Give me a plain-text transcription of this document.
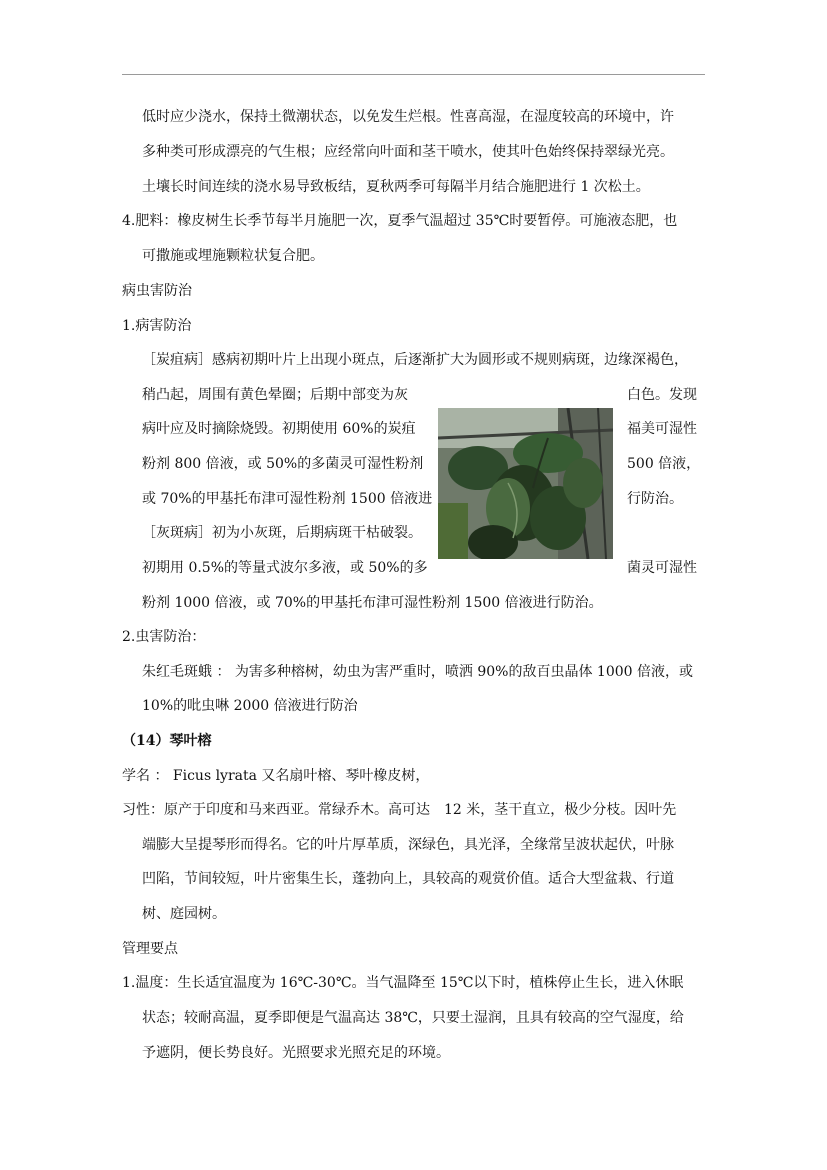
低时应少浇水，保持土微潮状态，以免发生烂根。性喜高湿，在湿度较高的环境中，许
多种类可形成漂亮的气生根；应经常向叶面和茎干喷水，使其叶色始终保持翠绿光亮。
土壤长时间连续的浇水易导致板结，夏秋两季可每隔半月结合施肥进行 1 次松土。
4.肥料：橡皮树生长季节每半月施肥一次，夏季气温超过 35℃时要暂停。可施液态肥，也
可撒施或埋施颗粒状复合肥。
病虫害防治
1.病害防治
［炭疽病］感病初期叶片上出现小斑点，后逐渐扩大为圆形或不规则病斑，边缘深褐色，
稍凸起，周围有黄色晕圈；后期中部变为灰	白色。发现
病叶应及时摘除烧毁。初期使用 60%的炭疽	福美可湿性
粉剂 800 倍液，或 50%的多菌灵可湿性粉剂	500 倍液，
或 70%的甲基托布津可湿性粉剂 1500 倍液进	行防治。
［灰斑病］初为小灰斑，后期病斑干枯破裂。
初期用 0.5%的等量式波尔多液，或 50%的多	菌灵可湿性
粉剂 1000 倍液，或 70%的甲基托布津可湿性粉剂 1500 倍液进行防治。
2.虫害防治：
朱红毛斑蛾 ： 为害多种榕树，幼虫为害严重时，喷洒 90%的敌百虫晶体 1000 倍液，或
10%的吡虫啉 2000 倍液进行防治
（14）琴叶榕
学名 ： Ficus lyrata 又名扇叶榕、琴叶橡皮树，
习性：原产于印度和马来西亚。常绿乔木。高可达　12 米，茎干直立，极少分枝。因叶先
端膨大呈提琴形而得名。它的叶片厚革质，深绿色，具光泽，全缘常呈波状起伏，叶脉
凹陷，节间较短，叶片密集生长，蓬勃向上，具较高的观赏价值。适合大型盆栽、行道
树、庭园树。
管理要点
1.温度：生长适宜温度为 16℃-30℃。当气温降至 15℃以下时，植株停止生长，进入休眠
状态；较耐高温，夏季即便是气温高达 38℃，只要土湿润，且具有较高的空气湿度，给
予遮阴，便长势良好。光照要求光照充足的环境。
